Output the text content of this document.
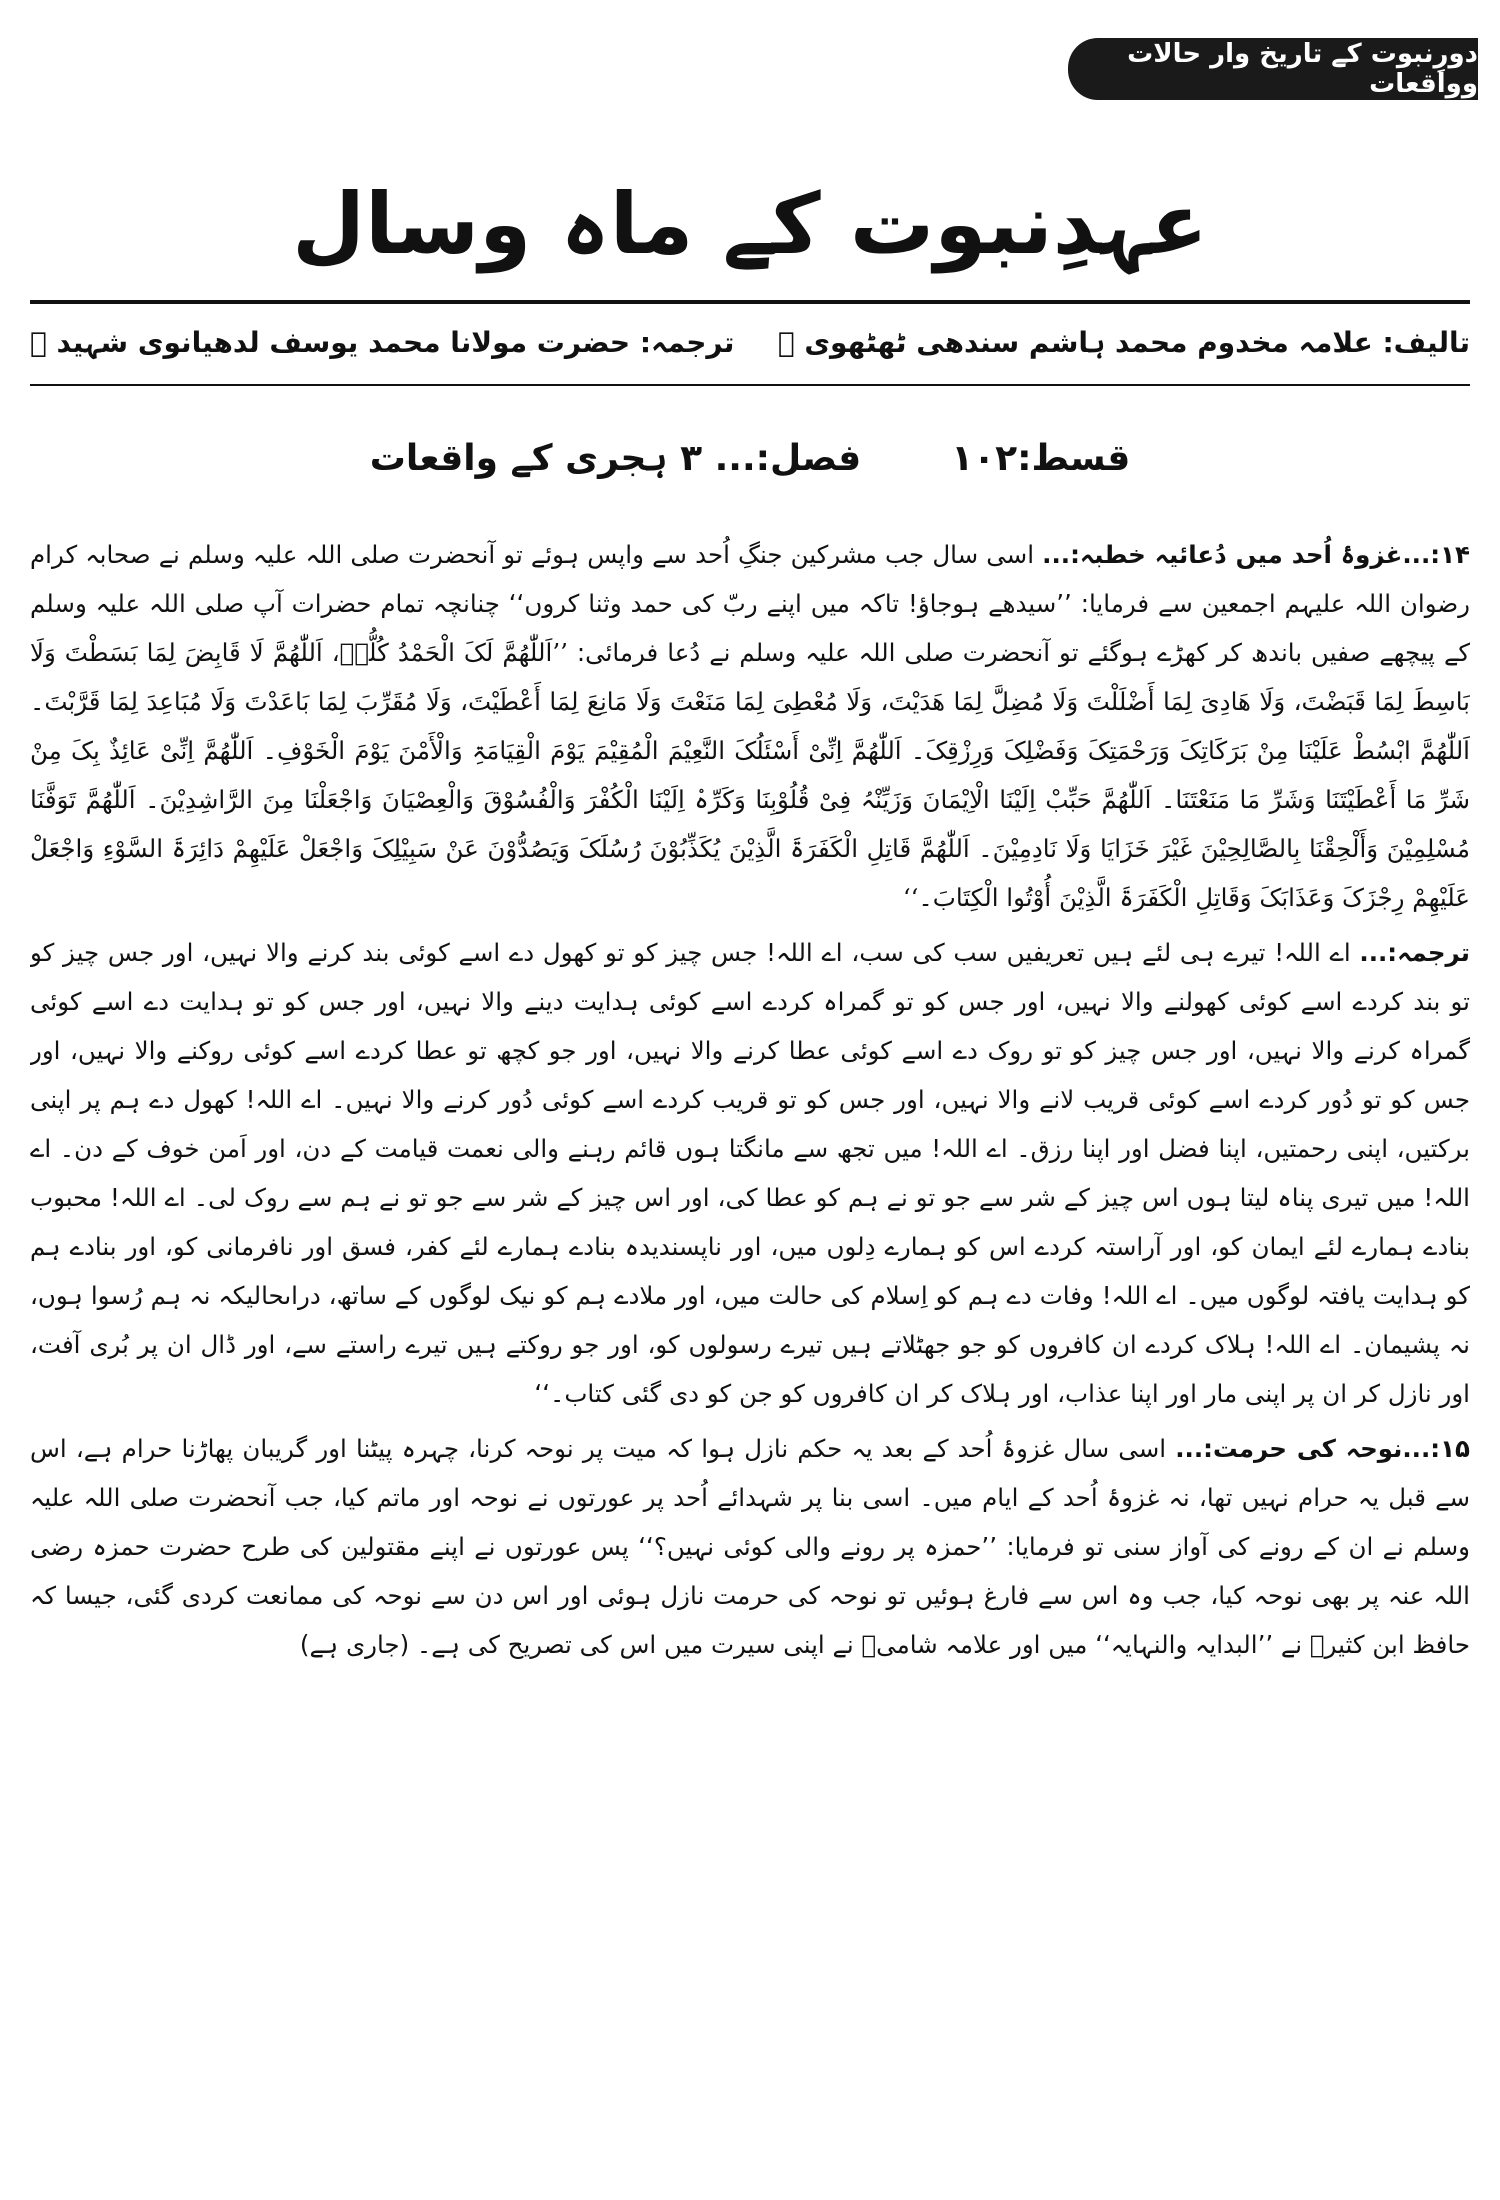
دورِنبوت کے تاریخ وار حالات وواقعات
عہدِنبوت کے ماہ وسال
تالیف: علامہ مخدوم محمد ہاشم سندھی ٹھٹھوی ﷫
ترجمہ: حضرت مولانا محمد یوسف لدھیانوی شہید ﷫
قسط:۱۰۲
فصل:... ۳ ہجری کے واقعات

۱۴:...غزوۂ اُحد میں دُعائیہ خطبہ:... اسی سال جب مشرکین جنگِ اُحد سے واپس ہوئے تو آنحضرت صلی اللہ علیہ وسلم نے صحابہ کرام رضوان اللہ علیہم اجمعین سے فرمایا: ’’سیدھے ہوجاؤ! تاکہ میں اپنے ربّ کی حمد وثنا کروں‘‘ چنانچہ تمام حضرات آپ صلی اللہ علیہ وسلم کے پیچھے صفیں باندھ کر کھڑے ہوگئے تو آنحضرت صلی اللہ علیہ وسلم نے دُعا فرمائی: ’’اَللّٰھُمَّ لَکَ الْحَمْدُ کُلُّہٗ، اَللّٰھُمَّ لَا قَابِضَ لِمَا بَسَطْتَ وَلَا بَاسِطَ لِمَا قَبَضْتَ، وَلَا ھَادِیَ لِمَا أَضْلَلْتَ وَلَا مُضِلَّ لِمَا ھَدَیْتَ، وَلَا مُعْطِیَ لِمَا مَنَعْتَ وَلَا مَانِعَ لِمَا أَعْطَیْتَ، وَلَا مُقَرِّبَ لِمَا بَاعَدْتَ وَلَا مُبَاعِدَ لِمَا قَرَّبْتَ۔ اَللّٰھُمَّ ابْسُطْ عَلَیْنَا مِنْ بَرَکَاتِکَ وَرَحْمَتِکَ وَفَضْلِکَ وَرِزْقِکَ۔ اَللّٰھُمَّ اِنِّیْ أَسْئَلُکَ النَّعِیْمَ الْمُقِیْمَ یَوْمَ الْقِیَامَۃِ وَالْأَمْنَ یَوْمَ الْخَوْفِ۔ اَللّٰھُمَّ اِنِّیْ عَائِذٌ بِکَ مِنْ شَرِّ مَا أَعْطَیْتَنَا وَشَرِّ مَا مَنَعْتَنَا۔ اَللّٰھُمَّ حَبِّبْ اِلَیْنَا الْاِیْمَانَ وَزَیِّنْہُ فِیْ قُلُوْبِنَا وَکَرِّہْ اِلَیْنَا الْکُفْرَ وَالْفُسُوْقَ وَالْعِصْیَانَ وَاجْعَلْنَا مِنَ الرَّاشِدِیْنَ۔ اَللّٰھُمَّ تَوَفَّنَا مُسْلِمِیْنَ وَأَلْحِقْنَا بِالصَّالِحِیْنَ غَیْرَ خَزَایَا وَلَا نَادِمِیْنَ۔ اَللّٰھُمَّ قَاتِلِ الْکَفَرَۃَ الَّذِیْنَ یُکَذِّبُوْنَ رُسُلَکَ وَیَصُدُّوْنَ عَنْ سَبِیْلِکَ وَاجْعَلْ عَلَیْھِمْ دَائِرَۃَ السَّوْءِ وَاجْعَلْ عَلَیْھِمْ رِجْزَکَ وَعَذَابَکَ وَقَاتِلِ الْکَفَرَۃَ الَّذِیْنَ أُوْتُوا الْکِتَابَ۔‘‘

ترجمہ:... اے اللہ! تیرے ہی لئے ہیں تعریفیں سب کی سب، اے اللہ! جس چیز کو تو کھول دے اسے کوئی بند کرنے والا نہیں، اور جس چیز کو تو بند کردے اسے کوئی کھولنے والا نہیں، اور جس کو تو گمراہ کردے اسے کوئی ہدایت دینے والا نہیں، اور جس کو تو ہدایت دے اسے کوئی گمراہ کرنے والا نہیں، اور جس چیز کو تو روک دے اسے کوئی عطا کرنے والا نہیں، اور جو کچھ تو عطا کردے اسے کوئی روکنے والا نہیں، اور جس کو تو دُور کردے اسے کوئی قریب لانے والا نہیں، اور جس کو تو قریب کردے اسے کوئی دُور کرنے والا نہیں۔ اے اللہ! کھول دے ہم پر اپنی برکتیں، اپنی رحمتیں، اپنا فضل اور اپنا رزق۔ اے اللہ! میں تجھ سے مانگتا ہوں قائم رہنے والی نعمت قیامت کے دن، اور اَمن خوف کے دن۔ اے اللہ! میں تیری پناہ لیتا ہوں اس چیز کے شر سے جو تو نے ہم کو عطا کی، اور اس چیز کے شر سے جو تو نے ہم سے روک لی۔ اے اللہ! محبوب بنادے ہمارے لئے ایمان کو، اور آراستہ کردے اس کو ہمارے دِلوں میں، اور ناپسندیدہ بنادے ہمارے لئے کفر، فسق اور نافرمانی کو، اور بنادے ہم کو ہدایت یافتہ لوگوں میں۔ اے اللہ! وفات دے ہم کو اِسلام کی حالت میں، اور ملادے ہم کو نیک لوگوں کے ساتھ، دراںحالیکہ نہ ہم رُسوا ہوں، نہ پشیمان۔ اے اللہ! ہلاک کردے ان کافروں کو جو جھٹلاتے ہیں تیرے رسولوں کو، اور جو روکتے ہیں تیرے راستے سے، اور ڈال ان پر بُری آفت، اور نازل کر ان پر اپنی مار اور اپنا عذاب، اور ہلاک کر ان کافروں کو جن کو دی گئی کتاب۔‘‘

۱۵:...نوحہ کی حرمت:... اسی سال غزوۂ اُحد کے بعد یہ حکم نازل ہوا کہ میت پر نوحہ کرنا، چہرہ پیٹنا اور گریبان پھاڑنا حرام ہے، اس سے قبل یہ حرام نہیں تھا، نہ غزوۂ اُحد کے ایام میں۔ اسی بنا پر شہدائے اُحد پر عورتوں نے نوحہ اور ماتم کیا، جب آنحضرت صلی اللہ علیہ وسلم نے ان کے رونے کی آواز سنی تو فرمایا: ’’حمزہ پر رونے والی کوئی نہیں؟‘‘ پس عورتوں نے اپنے مقتولین کی طرح حضرت حمزہ رضی اللہ عنہ پر بھی نوحہ کیا، جب وہ اس سے فارغ ہوئیں تو نوحہ کی حرمت نازل ہوئی اور اس دن سے نوحہ کی ممانعت کردی گئی، جیسا کہ حافظ ابن کثیرؒ نے ’’البدایہ والنہایہ‘‘ میں اور علامہ شامیؒ نے اپنی سیرت میں اس کی تصریح کی ہے۔ (جاری ہے)
